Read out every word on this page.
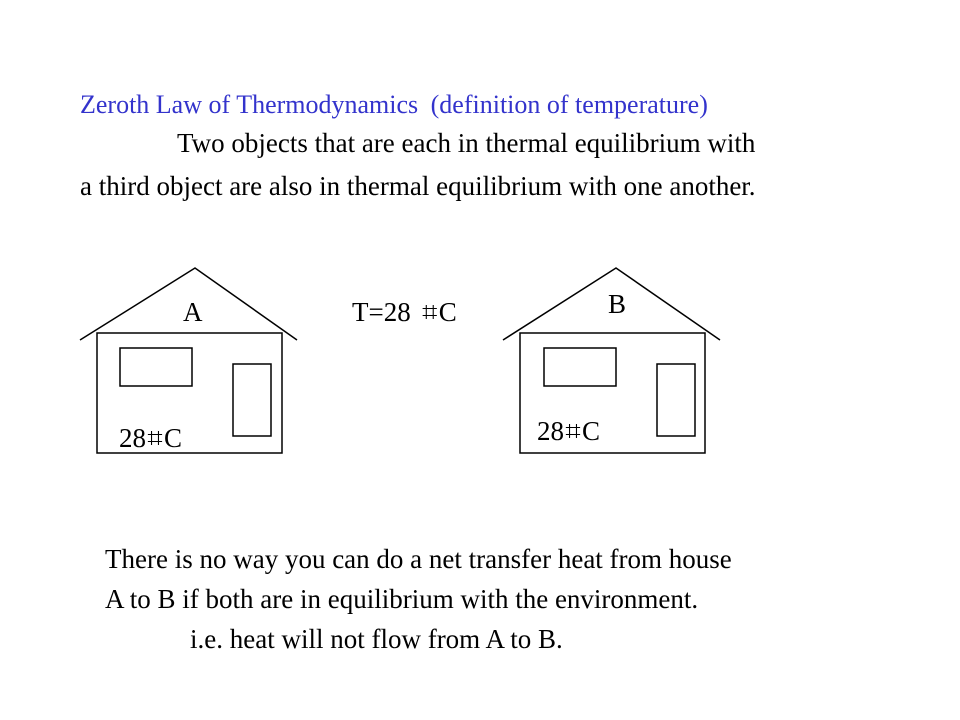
Zeroth Law of Thermodynamics (definition of temperature)
Two objects that are each in thermal equilibrium with
a third object are also in thermal equilibrium with one another.
A	B
T=28 ⌗C
28⌗C	28⌗C
There is no way you can do a net transfer heat from house
A to B if both are in equilibrium with the environment.
i.e. heat will not flow from A to B.
